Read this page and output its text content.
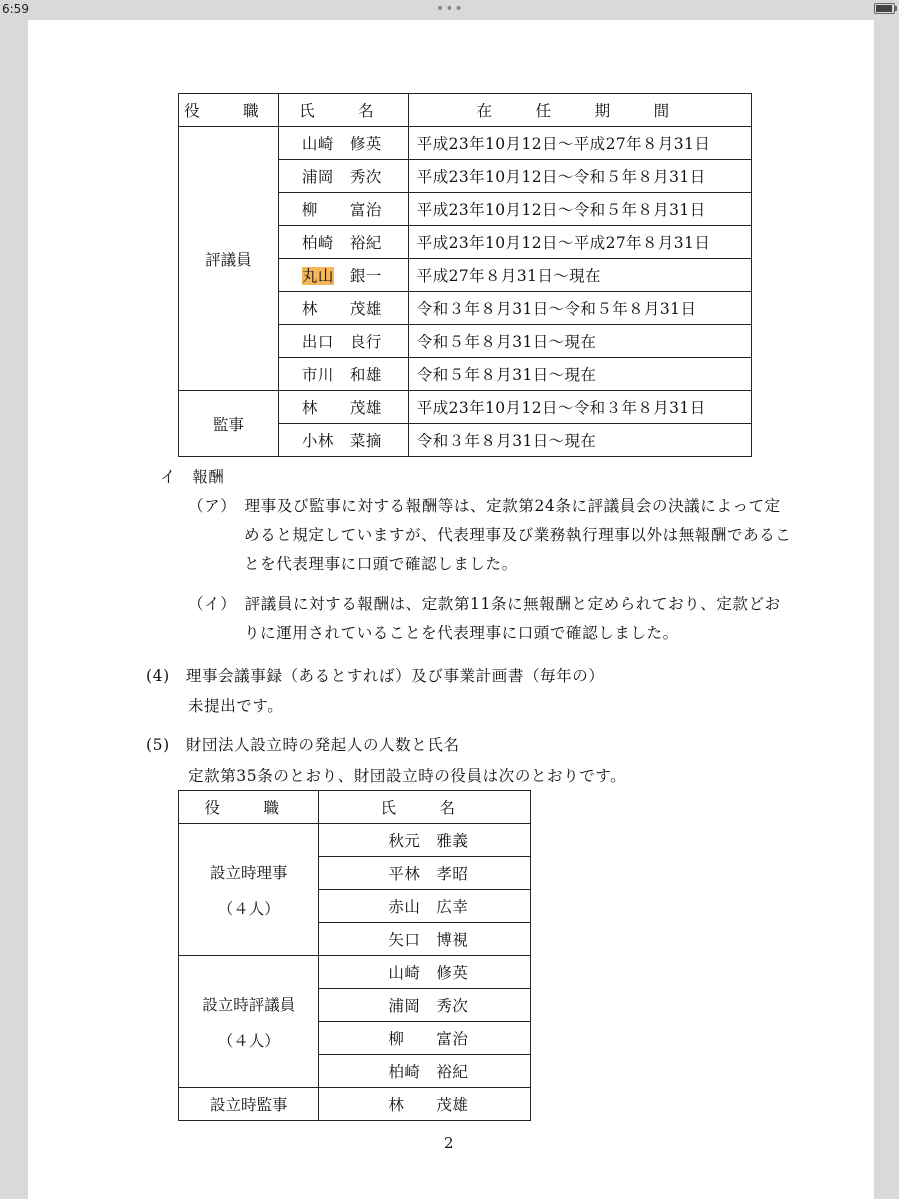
6:59	•••
役　職	氏　名	在　任　期　間
評議員	山崎　修英	平成23年10月12日～平成27年８月31日
	浦岡　秀次	平成23年10月12日～令和５年８月31日
	柳　　富治	平成23年10月12日～令和５年８月31日
	柏崎　裕紀	平成23年10月12日～平成27年８月31日
	丸山　銀一	平成27年８月31日～現在
	林　　茂雄	令和３年８月31日～令和５年８月31日
	出口　良行	令和５年８月31日～現在
	市川　和雄	令和５年８月31日～現在
監事	林　　茂雄	平成23年10月12日～令和３年８月31日
	小林　菜摘	令和３年８月31日～現在
イ　報酬
（ア）　理事及び監事に対する報酬等は、定款第24条に評議員会の決議によって定
めると規定していますが、代表理事及び業務執行理事以外は無報酬であるこ
とを代表理事に口頭で確認しました。
（イ）　評議員に対する報酬は、定款第11条に無報酬と定められており、定款どお
りに運用されていることを代表理事に口頭で確認しました。
(4)　理事会議事録（あるとすれば）及び事業計画書（毎年の）
未提出です。
(5)　財団法人設立時の発起人の人数と氏名
定款第35条のとおり、財団設立時の役員は次のとおりです。
役　職	氏　名

設立時理事
（４人）	秋元　雅義
	平林　孝昭
	赤山　広幸
	矢口　博視

設立時評議員
（４人）	山崎　修英
	浦岡　秀次
	柳　　富治
	柏崎　裕紀
設立時監事	林　　茂雄
2
